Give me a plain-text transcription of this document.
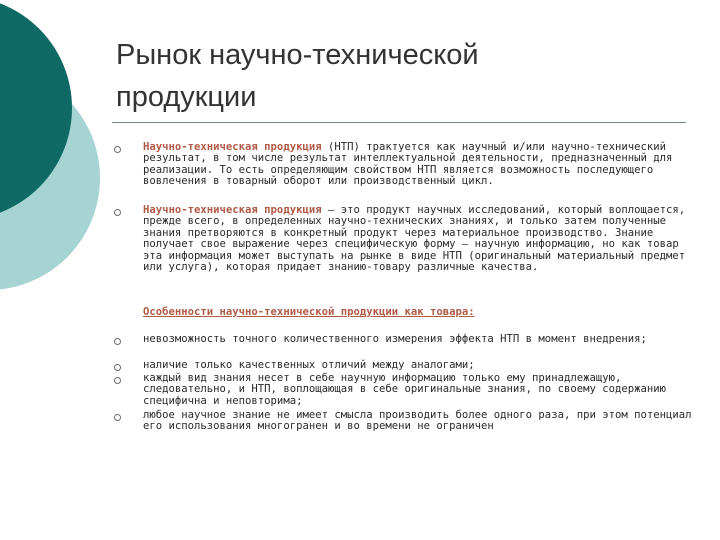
Рынок научно-технической
продукции
Научно-техническая продукция (НТП) трактуется как научный и/или научно-технический результат, в том числе результат интеллектуальной деятельности, предназначенный для реализации. То есть определяющим свойством НТП является возможность последующего вовлечения в товарный оборот или производственный цикл.
Научно-техническая продукция — это продукт научных исследований, который воплощается, прежде всего, в определенных научно-технических знаниях, и только затем полученные знания претворяются в конкретный продукт через материальное производство. Знание получает свое выражение через специфическую форму — научную информацию, но как товар эта информация может выступать на рынке в виде НТП (оригинальный материальный предмет или услуга), которая придает знанию-товару различные качества.
Особенности научно-технической продукции как товара:
невозможность точного количественного измерения эффекта НТП в момент внедрения;
наличие только качественных отличий между аналогами;
каждый вид знания несет в себе научную информацию только ему принадлежащую, следовательно, и НТП, воплощающая в себе оригинальные знания, по своему содержанию специфична и неповторима;
любое научное знание не имеет смысла производить более одного раза, при этом потенциал его использования многогранен и во времени не ограничен
